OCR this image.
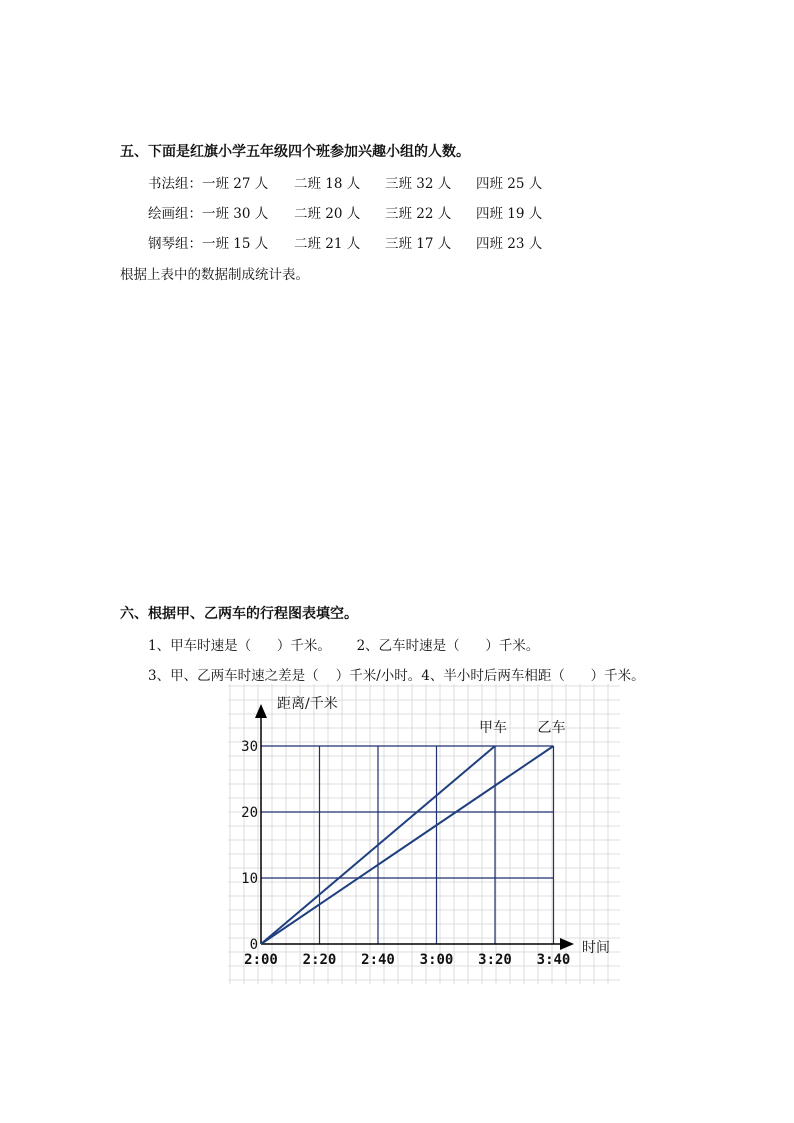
五、下面是红旗小学五年级四个班参加兴趣小组的人数。
书法组：一班 27 人 二班 18 人 三班 32 人 四班 25 人
绘画组：一班 30 人 二班 20 人 三班 22 人 四班 19 人
钢琴组：一班 15 人 二班 21 人 三班 17 人 四班 23 人
根据上表中的数据制成统计表。
六、根据甲、乙两车的行程图表填空。
1、甲车时速是（      ）千米。      2、乙车时速是（      ）千米。
3、甲、乙两车时速之差是（    ）千米/小时。4、半小时后两车相距（      ）千米。
0
10
20
30
2:00 2:20 2:40 3:00 3:20 3:40
距离/千米
时间
甲车 乙车
